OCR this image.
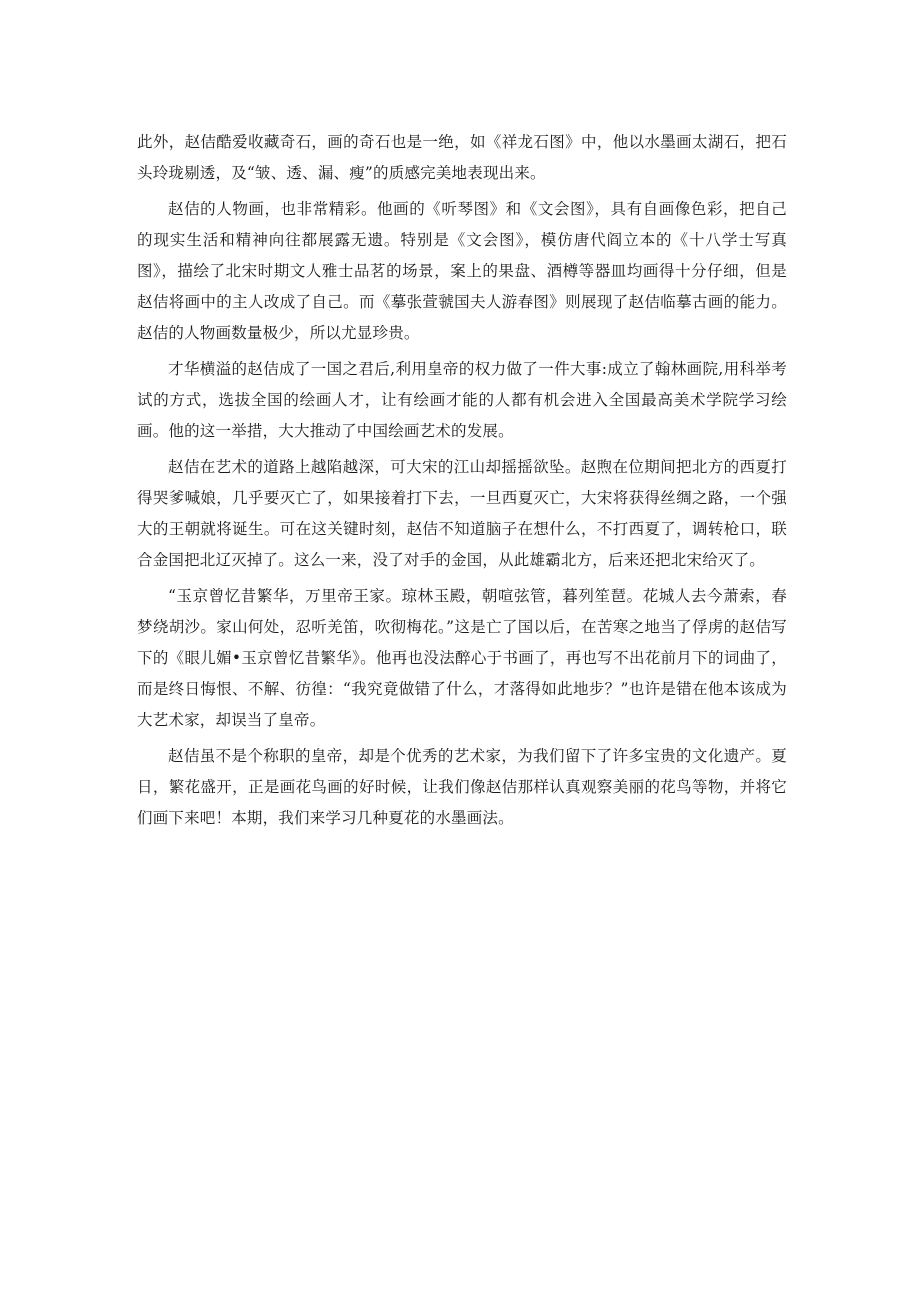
此外，赵佶酷爱收藏奇石，画的奇石也是一绝，如《祥龙石图》中，他以水墨画太湖石，把石头玲珑剔透，及“皱、透、漏、瘦”的质感完美地表现出来。

赵佶的人物画，也非常精彩。他画的《听琴图》和《文会图》，具有自画像色彩，把自己的现实生活和精神向往都展露无遗。特别是《文会图》，模仿唐代阎立本的《十八学士写真图》，描绘了北宋时期文人雅士品茗的场景，案上的果盘、酒樽等器皿均画得十分仔细，但是赵佶将画中的主人改成了自己。而《摹张萱虢国夫人游春图》则展现了赵佶临摹古画的能力。赵佶的人物画数量极少，所以尤显珍贵。

才华横溢的赵佶成了一国之君后,利用皇帝的权力做了一件大事:成立了翰林画院,用科举考试的方式，选拔全国的绘画人才，让有绘画才能的人都有机会进入全国最高美术学院学习绘画。他的这一举措，大大推动了中国绘画艺术的发展。

赵佶在艺术的道路上越陷越深，可大宋的江山却摇摇欲坠。赵煦在位期间把北方的西夏打得哭爹喊娘，几乎要灭亡了，如果接着打下去，一旦西夏灭亡，大宋将获得丝绸之路，一个强大的王朝就将诞生。可在这关键时刻，赵佶不知道脑子在想什么，不打西夏了，调转枪口，联合金国把北辽灭掉了。这么一来，没了对手的金国，从此雄霸北方，后来还把北宋给灭了。

“玉京曾忆昔繁华，万里帝王家。琼林玉殿，朝喧弦管，暮列笙琶。花城人去今萧索，春梦绕胡沙。家山何处，忍听羌笛，吹彻梅花。”这是亡了国以后，在苦寒之地当了俘虏的赵佶写下的《眼儿媚•玉京曾忆昔繁华》。他再也没法醉心于书画了，再也写不出花前月下的词曲了，而是终日悔恨、不解、彷徨：“我究竟做错了什么，才落得如此地步？”也许是错在他本该成为大艺术家，却误当了皇帝。

赵佶虽不是个称职的皇帝，却是个优秀的艺术家，为我们留下了许多宝贵的文化遗产。夏日，繁花盛开，正是画花鸟画的好时候，让我们像赵佶那样认真观察美丽的花鸟等物，并将它们画下来吧！本期，我们来学习几种夏花的水墨画法。
